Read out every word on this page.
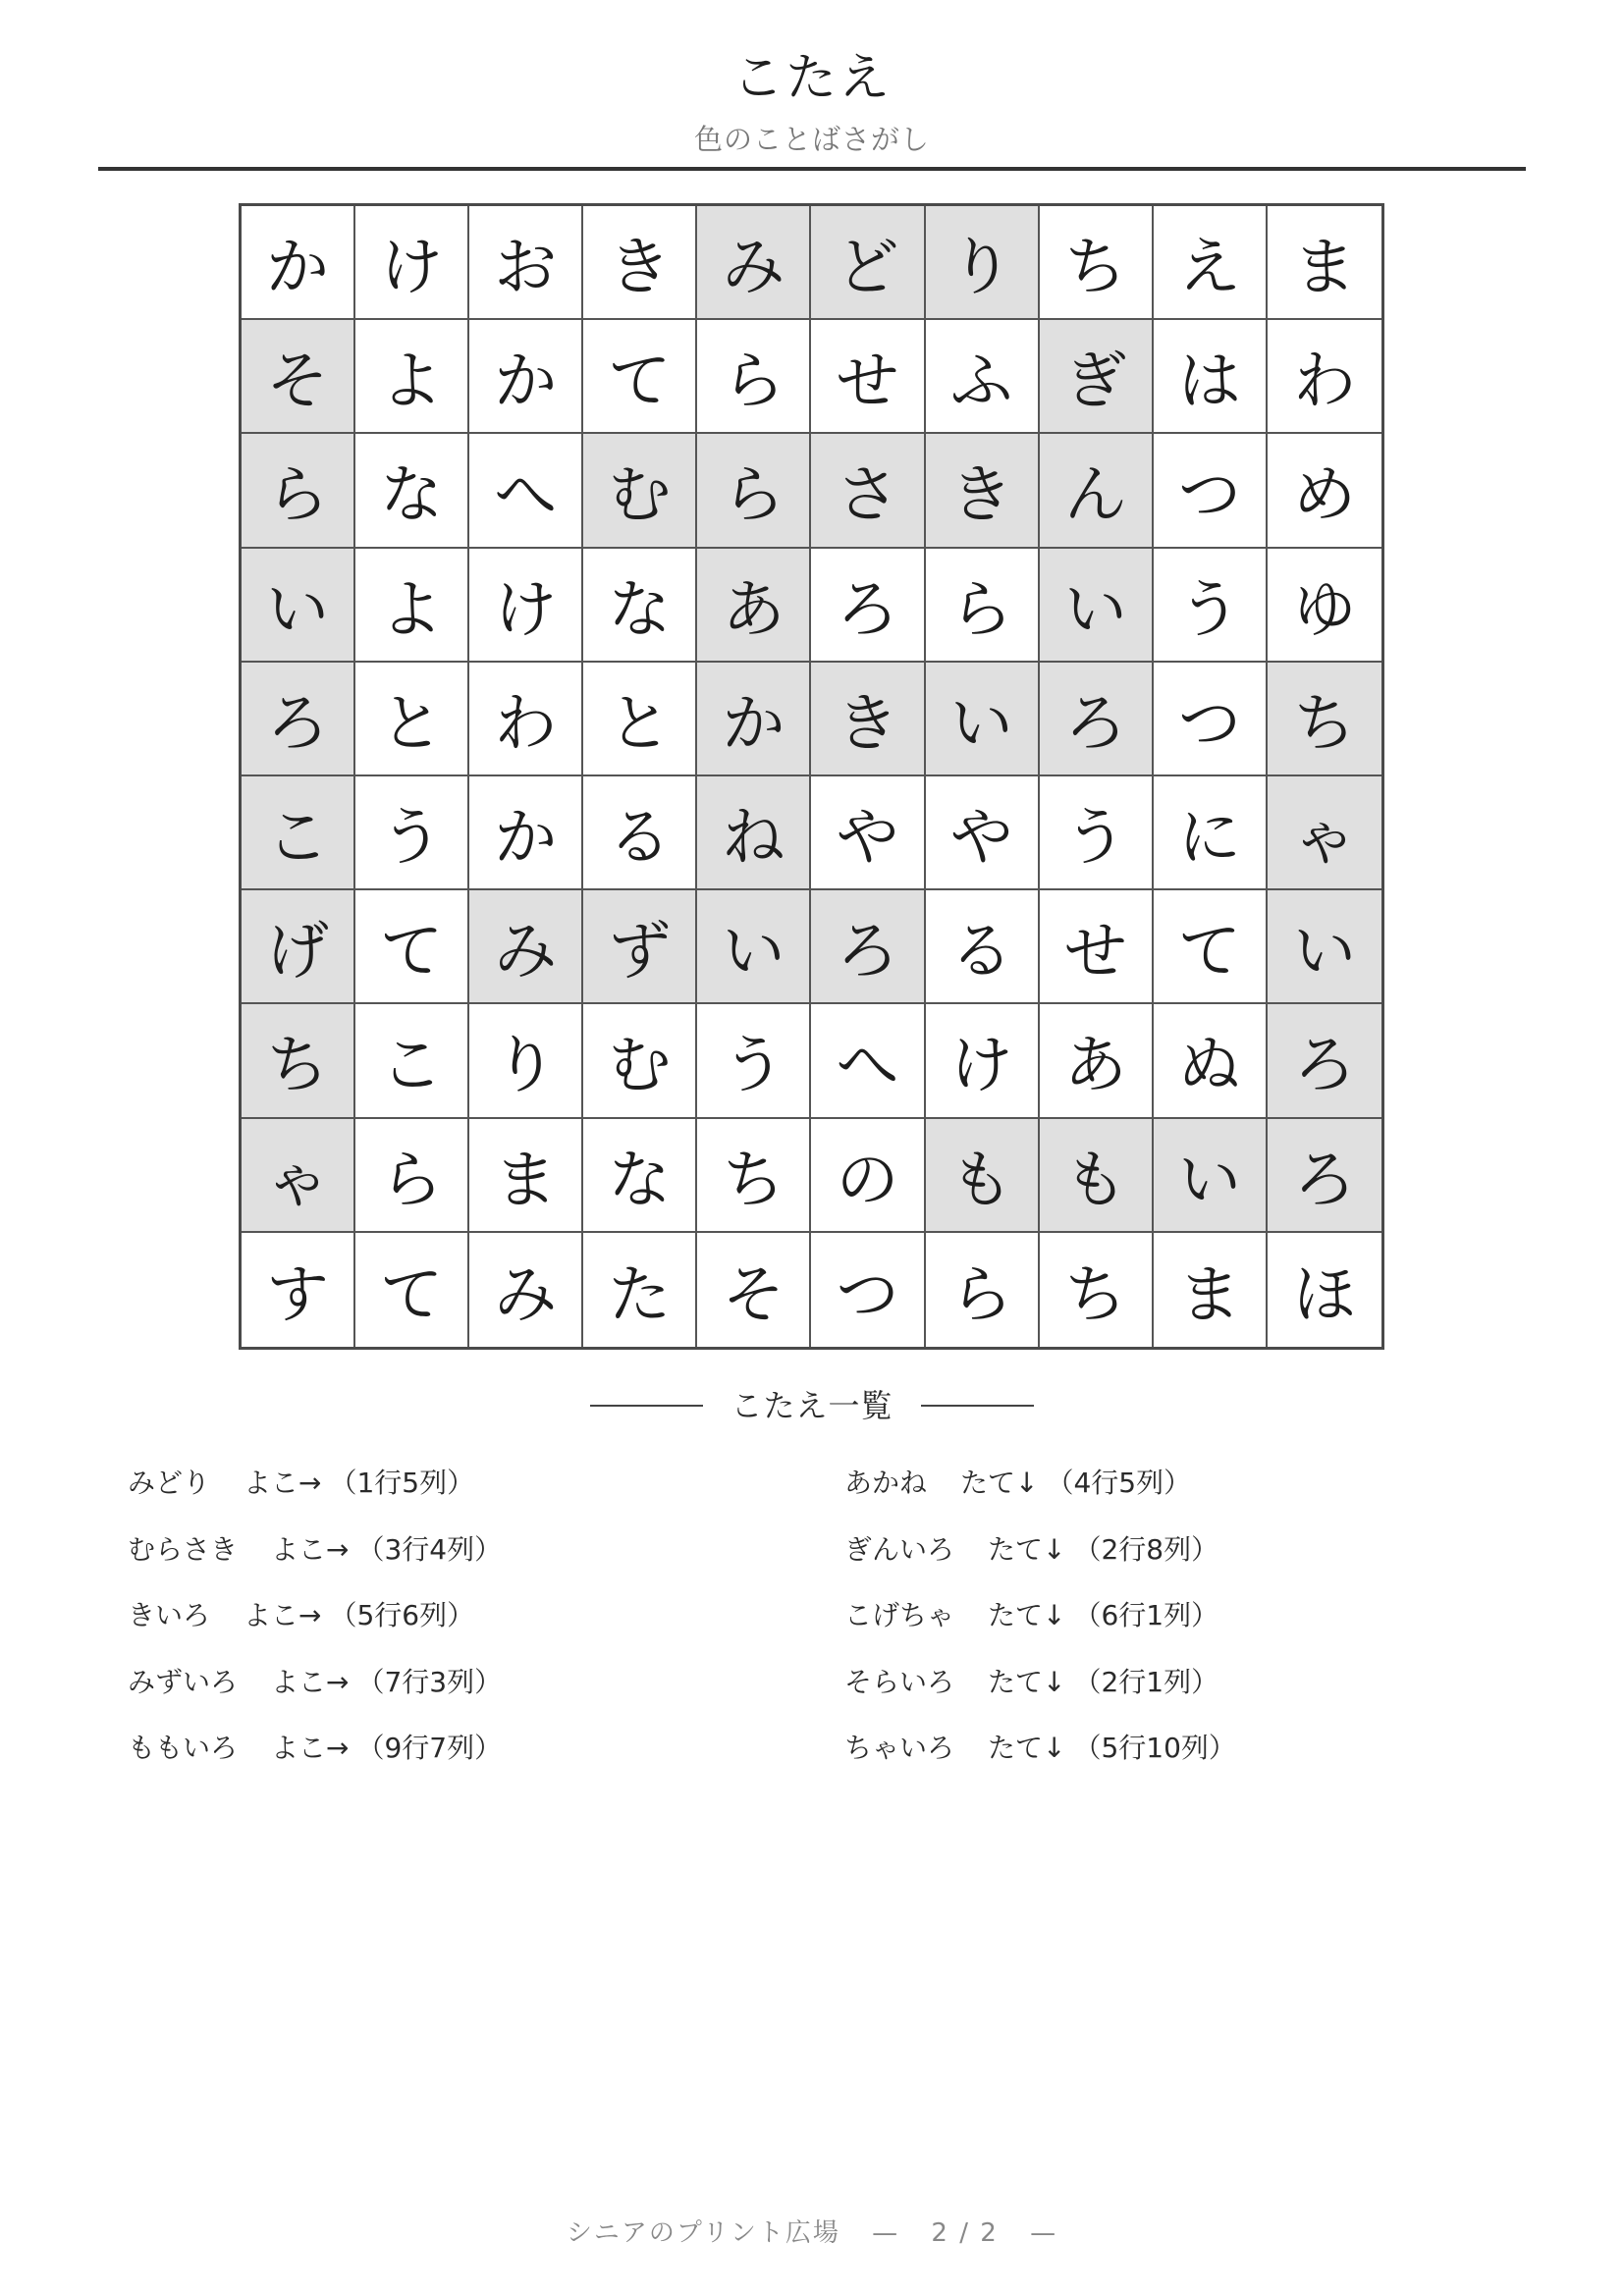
こたえ
色のことばさがし
か け お き み ど り ち え ま
そ よ か て ら せ ふ ぎ は わ
ら な へ む ら さ き ん つ め
い よ け な あ ろ ら い う ゆ
ろ と わ と か き い ろ つ ち
こ う か る ね や や う に ゃ
げ て み ず い ろ る せ て い
ち こ り む う へ け あ ぬ ろ
ゃ ら ま な ち の も も い ろ
す て み た そ つ ら ち ま ほ
こたえ一覧
みどり よこ→ （1行5列）
むらさき よこ→ （3行4列）
きいろ よこ→ （5行6列）
みずいろ よこ→ （7行3列）
ももいろ よこ→ （9行7列）
あかね たて↓ （4行5列）
ぎんいろ たて↓ （2行8列）
こげちゃ たて↓ （6行1列）
そらいろ たて↓ （2行1列）
ちゃいろ たて↓ （5行10列）
シニアのプリント広場 — 2 / 2 —
